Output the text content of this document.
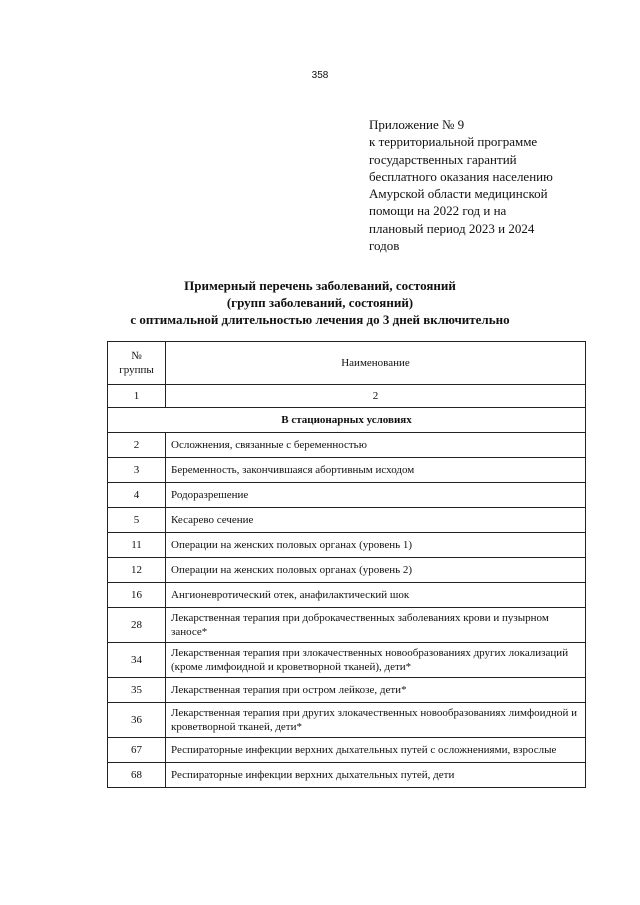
358
Приложение № 9
к территориальной программе
государственных гарантий
бесплатного оказания населению
Амурской области медицинской
помощи на 2022 год и на
плановый период 2023 и 2024
годов
Примерный перечень заболеваний, состояний
(групп заболеваний, состояний)
с оптимальной длительностью лечения до 3 дней включительно
№ группы	Наименование
1	2
В стационарных условиях	
2	Осложнения, связанные с беременностью
3	Беременность, закончившаяся абортивным исходом
4	Родоразрешение
5	Кесарево сечение
11	Операции на женских половых органах (уровень 1)
12	Операции на женских половых органах (уровень 2)
16	Ангионевротический отек, анафилактический шок
28	Лекарственная терапия при доброкачественных заболеваниях крови и пузырном заносе*
34	Лекарственная терапия при злокачественных новообразованиях других локализаций (кроме лимфоидной и кроветворной тканей), дети*
35	Лекарственная терапия при остром лейкозе, дети*
36	Лекарственная терапия при других злокачественных новообразованиях лимфоидной и кроветворной тканей, дети*
67	Респираторные инфекции верхних дыхательных путей с осложнениями, взрослые
68	Респираторные инфекции верхних дыхательных путей, дети
